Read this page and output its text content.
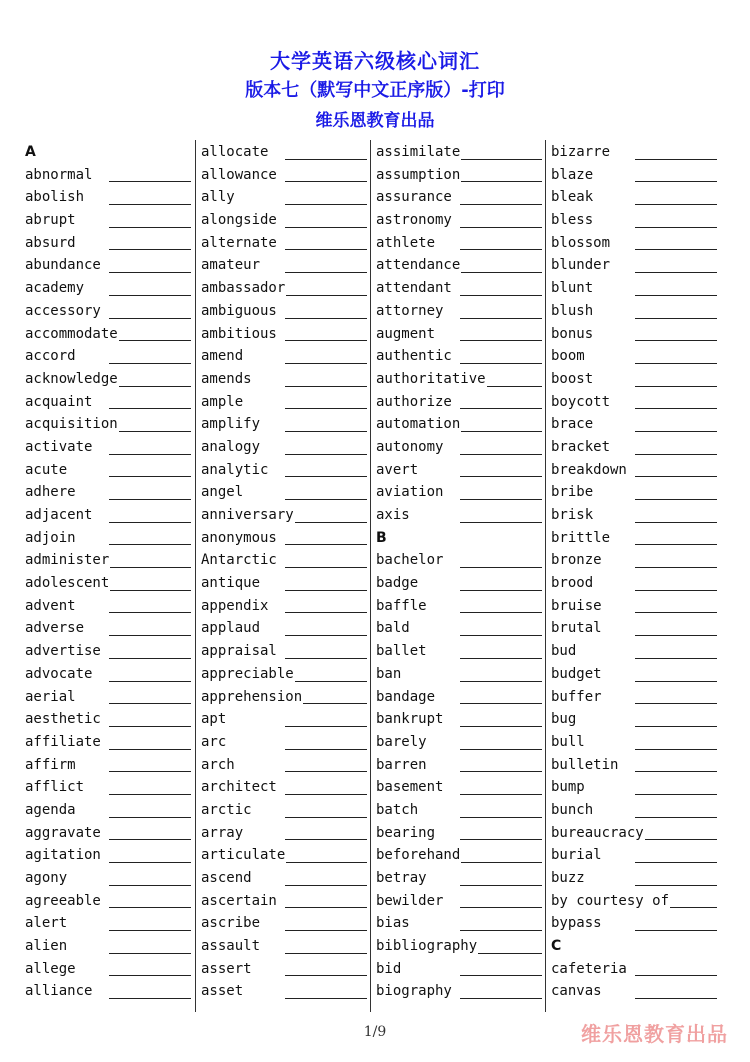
大学英语六级核心词汇
版本七（默写中文正序版）-打印
维乐恩教育出品
A
abnormal
abolish
abrupt
absurd
abundance
academy
accessory
accommodate
accord
acknowledge
acquaint
acquisition
activate
acute
adhere
adjacent
adjoin
administer
adolescent
advent
adverse
advertise
advocate
aerial
aesthetic
affiliate
affirm
afflict
agenda
aggravate
agitation
agony
agreeable
alert
alien
allege
alliance
allocate
allowance
ally
alongside
alternate
amateur
ambassador
ambiguous
ambitious
amend
amends
ample
amplify
analogy
analytic
angel
anniversary
anonymous
Antarctic
antique
appendix
applaud
appraisal
appreciable
apprehension
apt
arc
arch
architect
arctic
array
articulate
ascend
ascertain
ascribe
assault
assert
asset
assimilate
assumption
assurance
astronomy
athlete
attendance
attendant
attorney
augment
authentic
authoritative
authorize
automation
autonomy
avert
aviation
axis
B
bachelor
badge
baffle
bald
ballet
ban
bandage
bankrupt
barely
barren
basement
batch
bearing
beforehand
betray
bewilder
bias
bibliography
bid
biography
bizarre
blaze
bleak
bless
blossom
blunder
blunt
blush
bonus
boom
boost
boycott
brace
bracket
breakdown
bribe
brisk
brittle
bronze
brood
bruise
brutal
bud
budget
buffer
bug
bull
bulletin
bump
bunch
bureaucracy
burial
buzz
by courtesy of
bypass
C
cafeteria
canvas
1/9	维乐恩教育出品
